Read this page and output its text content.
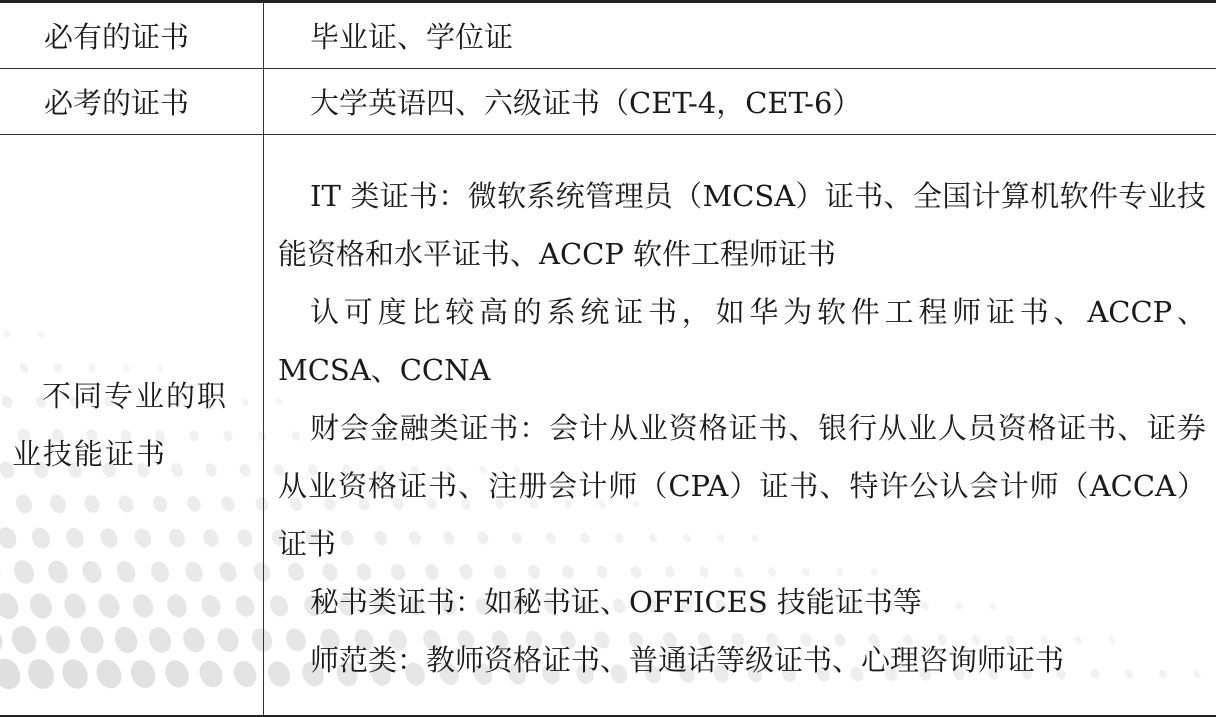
必有的证书	毕业证、学位证
必考的证书	大学英语四、六级证书（CET-4，CET-6）
不同专业的职业技能证书

IT 类证书：微软系统管理员（MCSA）证书、全国计算机软件专业技能资格和水平证书、ACCP 软件工程师证书

认可度比较高的系统证书，如华为软件工程师证书、ACCP、MCSA、CCNA

财会金融类证书：会计从业资格证书、银行从业人员资格证书、证券从业资格证书、注册会计师（CPA）证书、特许公认会计师（ACCA）证书

秘书类证书：如秘书证、OFFICES 技能证书等

师范类：教师资格证书、普通话等级证书、心理咨询师证书
